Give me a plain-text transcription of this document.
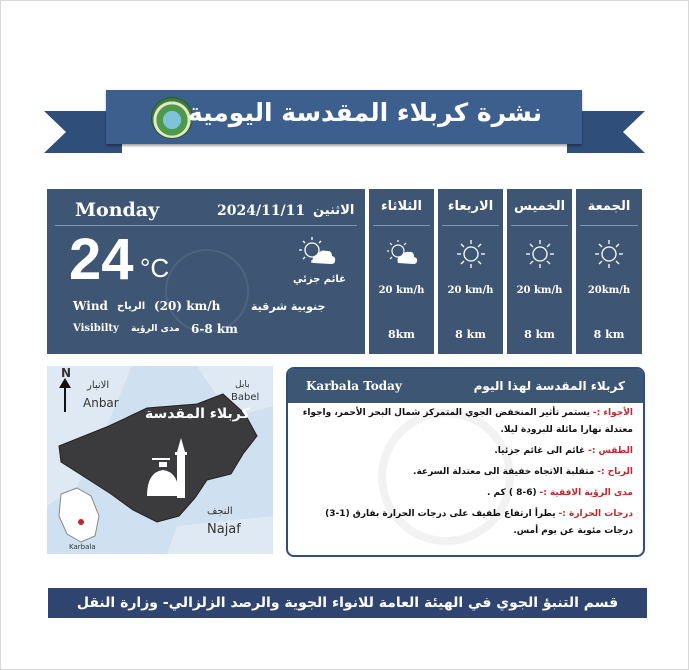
نشرة كربلاء المقدسة اليومية
Monday	2024/11/11 الاثنين
24 °C	غائم جزئي
Wind الرياح (20) km/h	جنوبية شرقية
Visibilty مدى الرؤية 6-8 km
الثلاثاء
20 km/h
8km
الاربعاء
20 km/h
8 km
الخميس
20 km/h
8 km
الجمعة
20km/h
8 km
N
الانبار
Anbar
بابل
Babel
كربلاء المقدسة
Karbala
النجف
Najaf
Karbala Today	كربلاء المقدسة لهذا اليوم

الأجواء :- يستمر تأثير المنخفض الجوي المتمركز شمال البحر الأحمر، واجواء معتدلة نهارا مائلة للبرودة ليلا.

الطقس :- غائم الى غائم جزئيا.

الرياح :- متقلبة الاتجاه خفيفة الى معتدلة السرعة.

مدى الرؤية الافقية :- (6-8 ) كم .

درجات الحرارة :- يطرأ ارتفاع طفيف على درجات الحرارة بفارق (1-3) درجات مئوية عن يوم أمس.

قسم التنبؤ الجوي في الهيئة العامة للانواء الجوية والرصد الزلزالي- وزارة النقل
